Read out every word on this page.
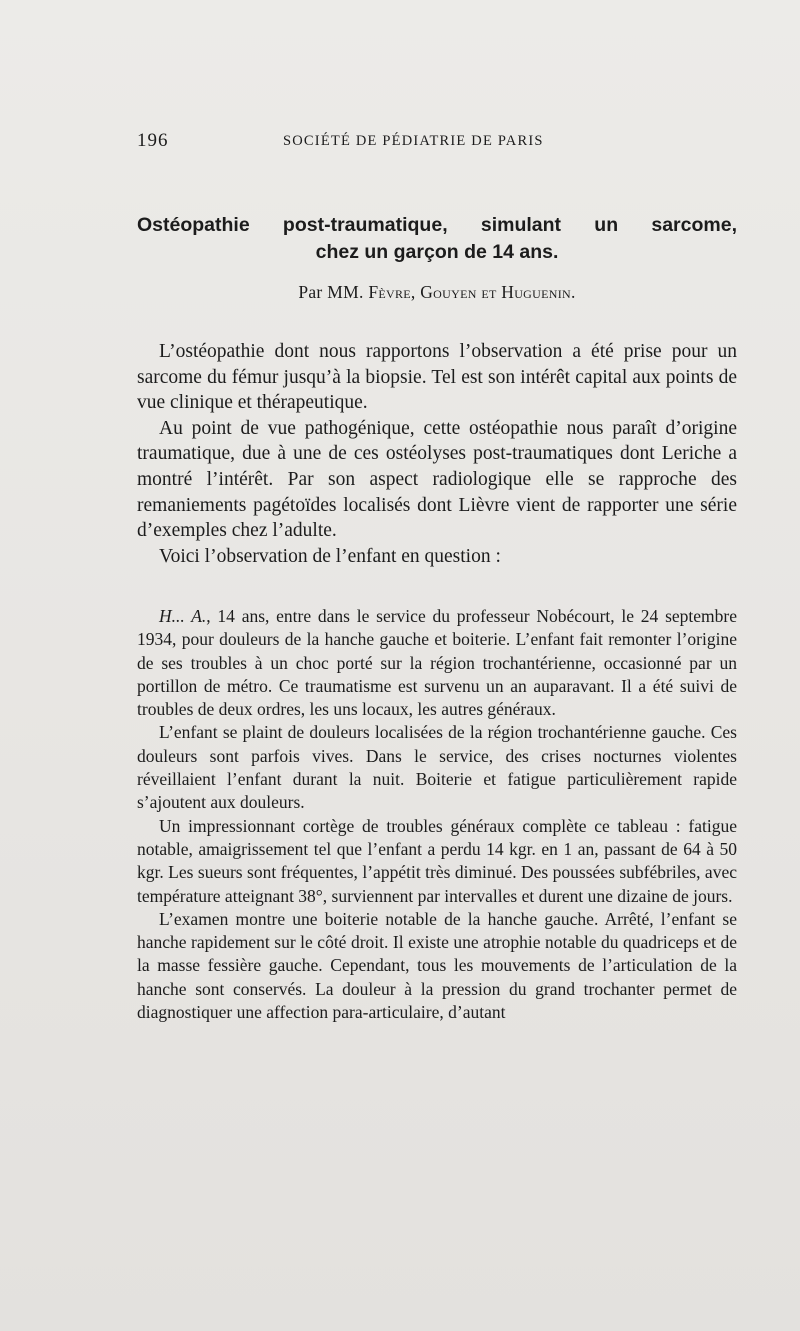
196	SOCIÉTÉ DE PÉDIATRIE DE PARIS
Ostéopathie post-traumatique, simulant un sarcome,
chez un garçon de 14 ans.
Par MM. Fèvre, Gouyen et Huguenin.

L’ostéopathie dont nous rapportons l’observation a été prise pour un sarcome du fémur jusqu’à la biopsie. Tel est son intérêt capital aux points de vue clinique et thérapeutique.

Au point de vue pathogénique, cette ostéopathie nous paraît d’origine traumatique, due à une de ces ostéolyses post-traumatiques dont Leriche a montré l’intérêt. Par son aspect radiologique elle se rapproche des remaniements pagétoïdes localisés dont Lièvre vient de rapporter une série d’exemples chez l’adulte.

Voici l’observation de l’enfant en question :

H... A., 14 ans, entre dans le service du professeur Nobécourt, le 24 septembre 1934, pour douleurs de la hanche gauche et boiterie. L’enfant fait remonter l’origine de ses troubles à un choc porté sur la région trochantérienne, occasionné par un portillon de métro. Ce traumatisme est survenu un an auparavant. Il a été suivi de troubles de deux ordres, les uns locaux, les autres généraux.

L’enfant se plaint de douleurs localisées de la région trochantérienne gauche. Ces douleurs sont parfois vives. Dans le service, des crises nocturnes violentes réveillaient l’enfant durant la nuit. Boiterie et fatigue particulièrement rapide s’ajoutent aux douleurs.

Un impressionnant cortège de troubles généraux complète ce tableau : fatigue notable, amaigrissement tel que l’enfant a perdu 14 kgr. en 1 an, passant de 64 à 50 kgr. Les sueurs sont fréquentes, l’appétit très diminué. Des poussées subfébriles, avec température atteignant 38°, surviennent par intervalles et durent une dizaine de jours.

L’examen montre une boiterie notable de la hanche gauche. Arrêté, l’enfant se hanche rapidement sur le côté droit. Il existe une atrophie notable du quadriceps et de la masse fessière gauche. Cependant, tous les mouvements de l’articulation de la hanche sont conservés. La douleur à la pression du grand trochanter permet de diagnostiquer une affection para-articulaire, d’autant
